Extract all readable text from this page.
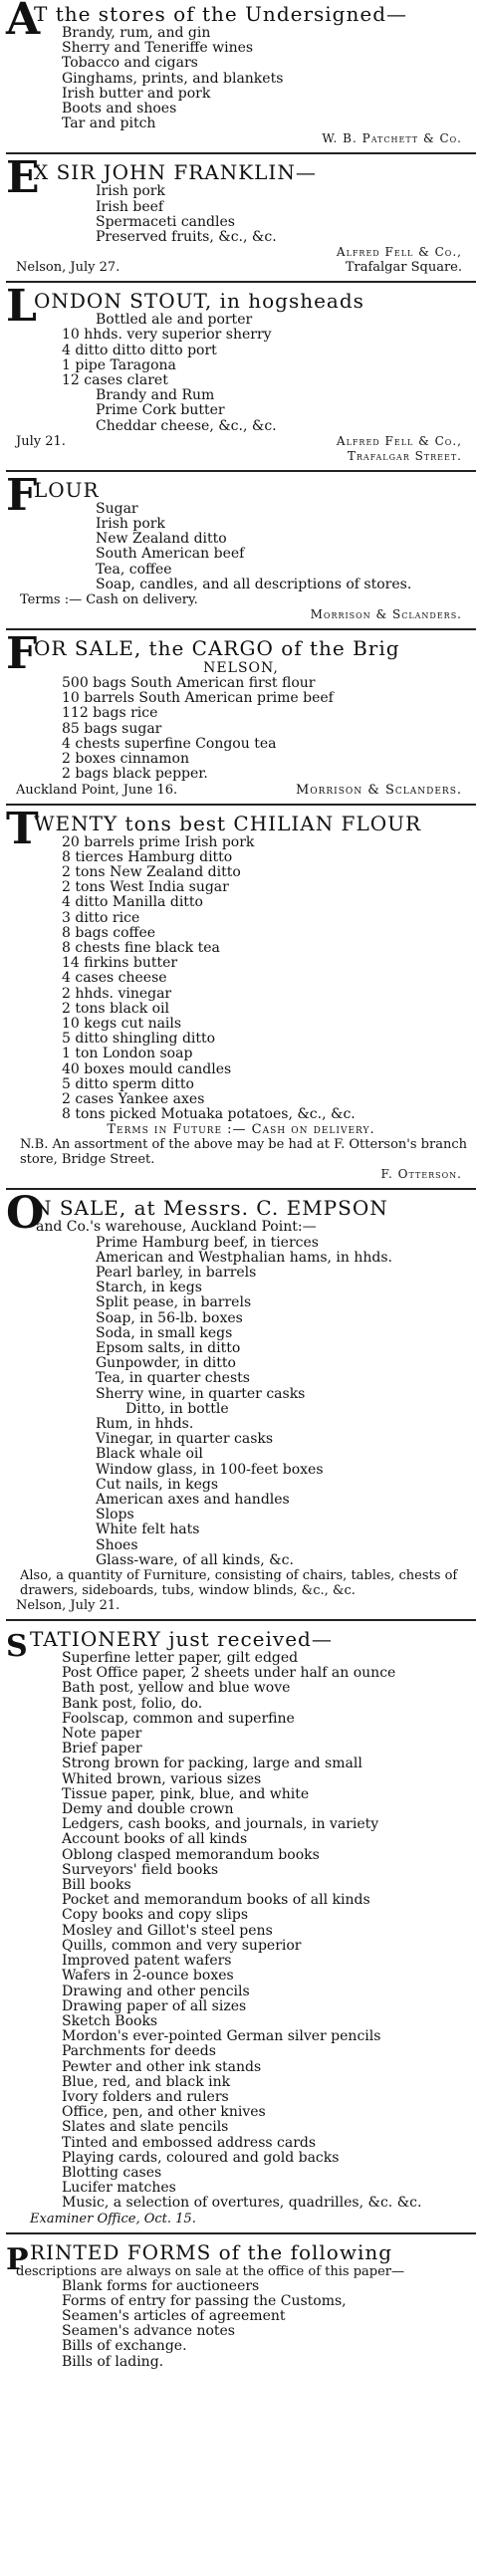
A
T the stores of the Undersigned—
Brandy, rum, and gin
Sherry and Teneriffe wines
Tobacco and cigars
Ginghams, prints, and blankets
Irish butter and pork
Boots and shoes
Tar and pitch
W. B. Patchett & Co.
E
X SIR JOHN FRANKLIN—
Irish pork
Irish beef
Spermaceti candles
Preserved fruits, &c., &c.
Alfred Fell & Co.,
Nelson, July 27.	Trafalgar Square.
L
ONDON STOUT, in hogsheads
Bottled ale and porter
10 hhds. very superior sherry
4 ditto ditto ditto port
1 pipe Taragona
12 cases claret
Brandy and Rum
Prime Cork butter
Cheddar cheese, &c., &c.
July 21.	Alfred Fell & Co.,
Trafalgar Street.
F
LOUR
Sugar
Irish pork
New Zealand ditto
South American beef
Tea, coffee
Soap, candles, and all descriptions of stores.
Terms :— Cash on delivery.
Morrison & Sclanders.
F
OR SALE, the CARGO of the Brig
NELSON,
500 bags South American first flour
10 barrels South American prime beef
112 bags rice
85 bags sugar
4 chests superfine Congou tea
2 boxes cinnamon
2 bags black pepper.
Auckland Point, June 16.	Morrison & Sclanders.
T
WENTY tons best CHILIAN FLOUR
20 barrels prime Irish pork
8 tierces Hamburg ditto
2 tons New Zealand ditto
2 tons West India sugar
4 ditto Manilla ditto
3 ditto rice
8 bags coffee
8 chests fine black tea
14 firkins butter
4 cases cheese
2 hhds. vinegar
2 tons black oil
10 kegs cut nails
5 ditto shingling ditto
1 ton London soap
40 boxes mould candles
5 ditto sperm ditto
2 cases Yankee axes
8 tons picked Motuaka potatoes, &c., &c.
Terms in Future :— Cash on delivery.
N.B. An assortment of the above may be had at F. Otterson's branch store, Bridge Street.
F. Otterson.
O
N SALE, at Messrs. C. EMPSON
and Co.'s warehouse, Auckland Point:—
Prime Hamburg beef, in tierces
American and Westphalian hams, in hhds.
Pearl barley, in barrels
Starch, in kegs
Split pease, in barrels
Soap, in 56-lb. boxes
Soda, in small kegs
Epsom salts, in ditto
Gunpowder, in ditto
Tea, in quarter chests
Sherry wine, in quarter casks
Ditto, in bottle
Rum, in hhds.
Vinegar, in quarter casks
Black whale oil
Window glass, in 100-feet boxes
Cut nails, in kegs
American axes and handles
Slops
White felt hats
Shoes
Glass-ware, of all kinds, &c.
Also, a quantity of Furniture, consisting of chairs, tables, chests of drawers, sideboards, tubs, window blinds, &c., &c.
Nelson, July 21.
S TATIONERY just received—
Superfine letter paper, gilt edged
Post Office paper, 2 sheets under half an ounce
Bath post, yellow and blue wove
Bank post, folio, do.
Foolscap, common and superfine
Note paper
Brief paper
Strong brown for packing, large and small
Whited brown, various sizes
Tissue paper, pink, blue, and white
Demy and double crown
Ledgers, cash books, and journals, in variety
Account books of all kinds
Oblong clasped memorandum books
Surveyors' field books
Bill books
Pocket and memorandum books of all kinds
Copy books and copy slips
Mosley and Gillot's steel pens
Quills, common and very superior
Improved patent wafers
Wafers in 2-ounce boxes
Drawing and other pencils
Drawing paper of all sizes
Sketch Books
Mordon's ever-pointed German silver pencils
Parchments for deeds
Pewter and other ink stands
Blue, red, and black ink
Ivory folders and rulers
Office, pen, and other knives
Slates and slate pencils
Tinted and embossed address cards
Playing cards, coloured and gold backs
Blotting cases
Lucifer matches
Music, a selection of overtures, quadrilles, &c. &c.
Examiner Office, Oct. 15.
P RINTED FORMS of the following
descriptions are always on sale at the office of this paper—
Blank forms for auctioneers
Forms of entry for passing the Customs,
Seamen's articles of agreement
Seamen's advance notes
Bills of exchange.
Bills of lading.
